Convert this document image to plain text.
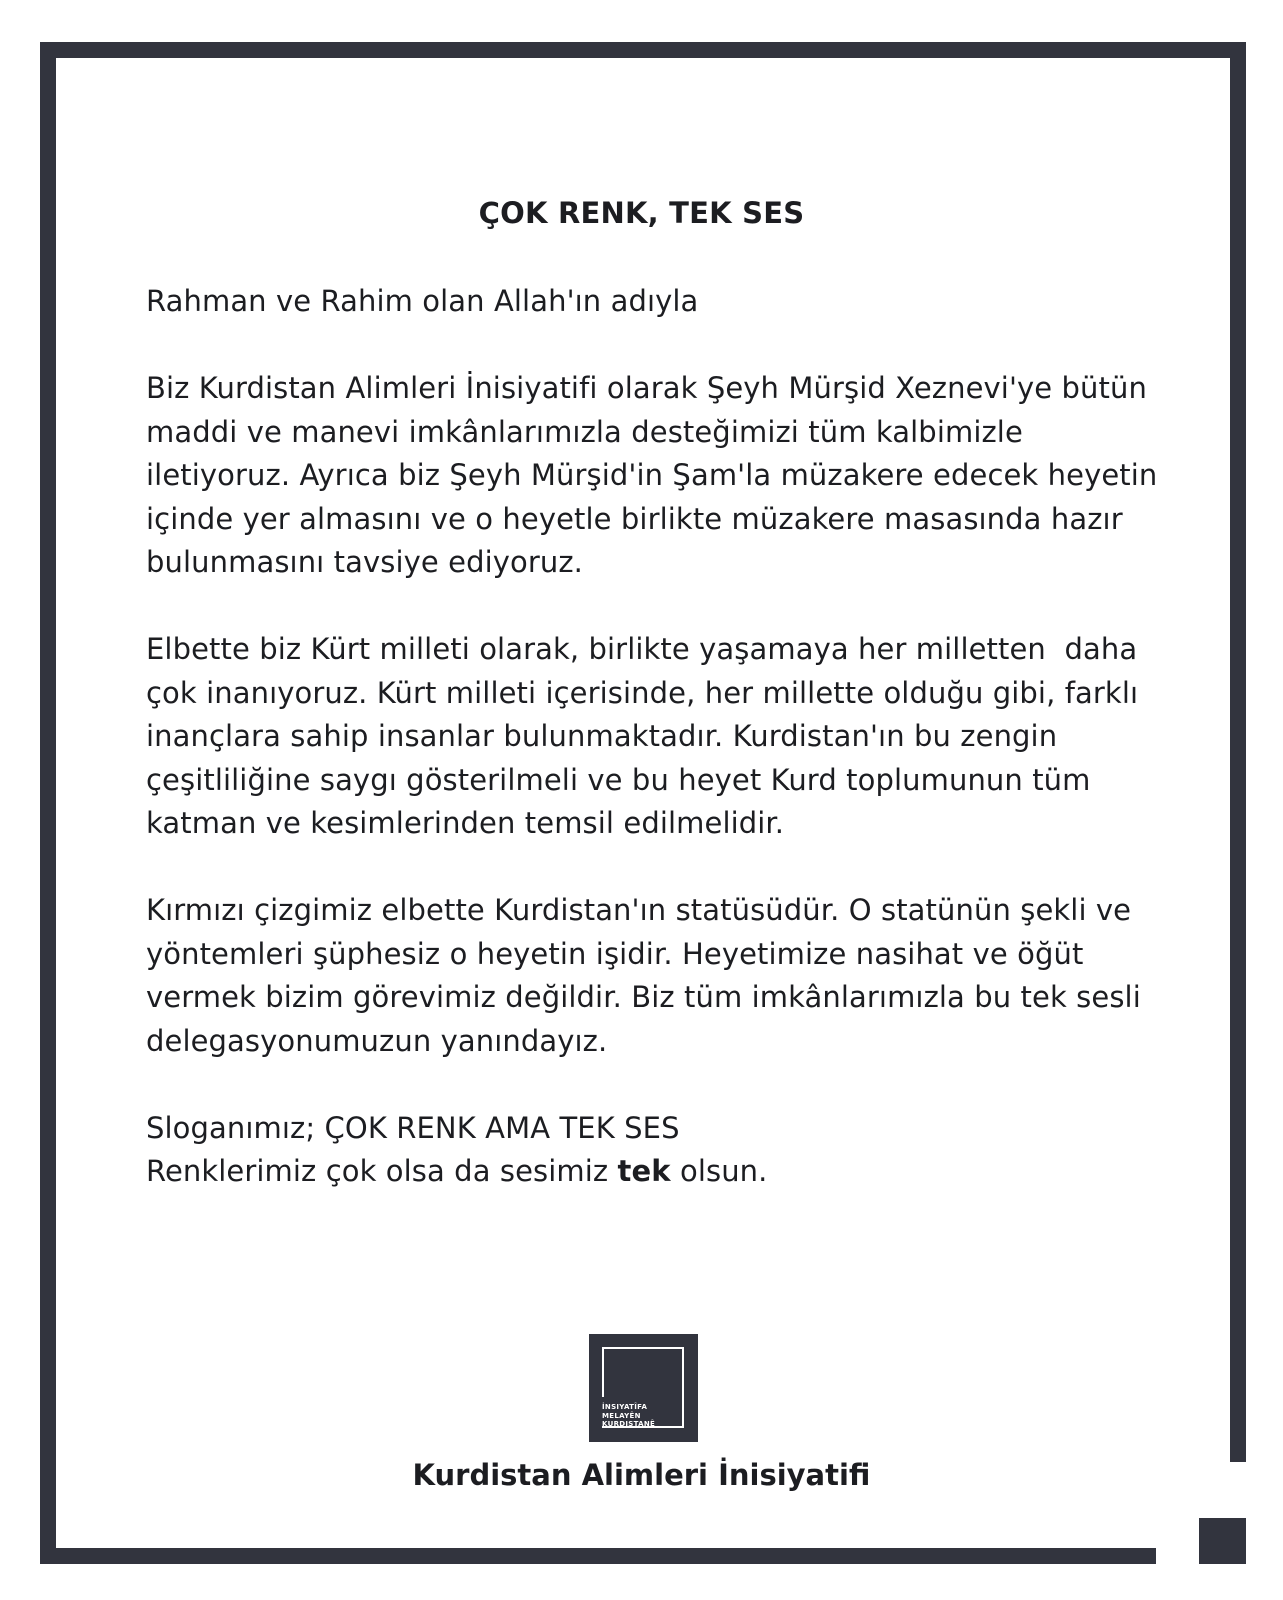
ÇOK RENK, TEK SES

Rahman ve Rahim olan Allah'ın adıyla

Biz Kurdistan Alimleri İnisiyatifi olarak Şeyh Mürşid Xeznevi'ye bütün
maddi ve manevi imkânlarımızla desteğimizi tüm kalbimizle
iletiyoruz. Ayrıca biz Şeyh Mürşid'in Şam'la müzakere edecek heyetin
içinde yer almasını ve o heyetle birlikte müzakere masasında hazır
bulunmasını tavsiye ediyoruz.

Elbette biz Kürt milleti olarak, birlikte yaşamaya her milletten  daha
çok inanıyoruz. Kürt milleti içerisinde, her millette olduğu gibi, farklı
inançlara sahip insanlar bulunmaktadır. Kurdistan'ın bu zengin
çeşitliliğine saygı gösterilmeli ve bu heyet Kurd toplumunun tüm
katman ve kesimlerinden temsil edilmelidir.

Kırmızı çizgimiz elbette Kurdistan'ın statüsüdür. O statünün şekli ve
yöntemleri şüphesiz o heyetin işidir. Heyetimize nasihat ve öğüt
vermek bizim görevimiz değildir. Biz tüm imkânlarımızla bu tek sesli
delegasyonumuzun yanındayız.

Sloganımız; ÇOK RENK AMA TEK SES
Renklerimiz çok olsa da sesimiz tek olsun.

İNSIYATÎFA
MELAYÊN
KURDISTANÊ
Kurdistan Alimleri İnisiyatifi
